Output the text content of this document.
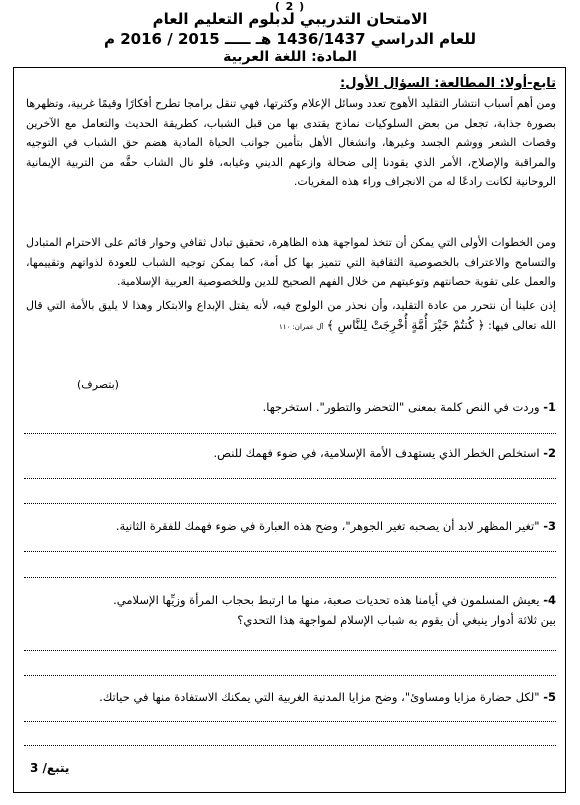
( 2 )
الامتحان التدريبي لدبلوم التعليم العام
للعام الدراسي 1436/1437 هـ ـــــ 2015 / 2016 م
المادة: اللغة العربية
تابع-أولا: المطالعة: السؤال الأول:

ومن أهم أسباب انتشار التقليد الأهوج تعدد وسائل الإعلام وكثرتها، فهي تنقل برامجا تطرح أفكارًا وقيمًا غربية، وتظهرها بصورة جذابة، تجعل من بعض السلوكيات نماذج يقتدى بها من قبل الشباب، كطريقة الحديث والتعامل مع الآخرين وقصات الشعر ووشم الجسد وغيرها، وانشغال الأهل بتأمين جوانب الحياة المادية هضم حق الشباب في التوجيه والمراقبة والإصلاح، الأمر الذي يقودنا إلى ضحالة وازعهم الديني وغيابه، فلو نال الشاب حقَّه من التربية الإيمانية الروحانية لكانت رادعًا له من الانجراف وراء هذه المغريات.

ومن الخطوات الأولى التي يمكن أن تتخذ لمواجهة هذه الظاهرة، تحقيق تبادل ثقافي وحوار قائم على الاحترام المتبادل والتسامح والاعتراف بالخصوصية الثقافية التي تتميز بها كل أمة، كما يمكن توجيه الشباب للعودة لذواتهم وتقييمها، والعمل على تقوية حصانتهم وتوعيتهم من خلال الفهم الصحيح للدين وللخصوصية العربية الإسلامية.

إذن علينا أن نتحرر من عادة التقليد، وأن نحذر من الولوج فيه، لأنه يقتل الإبداع والابتكار وهذا لا يليق بالأمة التي قال الله تعالى فيها: ﴿ كُنتُمْ خَيْرَ أُمَّةٍ أُخْرِجَتْ لِلنَّاسِ ﴾ آل عمران: ١١٠

(بتصرف)
1- وردت في النص كلمة بمعنى "التحضر والتطور". استخرجها.
2- استخلص الخطر الذي يستهدف الأمة الإسلامية، في ضوء فهمك للنص.
3- "تغير المظهر لابد أن يصحبه تغير الجوهر"، وضح هذه العبارة في ضوء فهمك للفقرة الثانية.
4- يعيش المسلمون في أيامنا هذه تحديات صعبة، منها ما ارتبط بحجاب المرأة وزيِّها الإسلامي.
بين ثلاثة أدوار ينبغي أن يقوم به شباب الإسلام لمواجهة هذا التحدي؟
5- "لكل حضارة مزايا ومساوئ"، وضح مزايا المدنية الغربية التي يمكنك الاستفادة منها في حياتك.
يتبع/ 3
